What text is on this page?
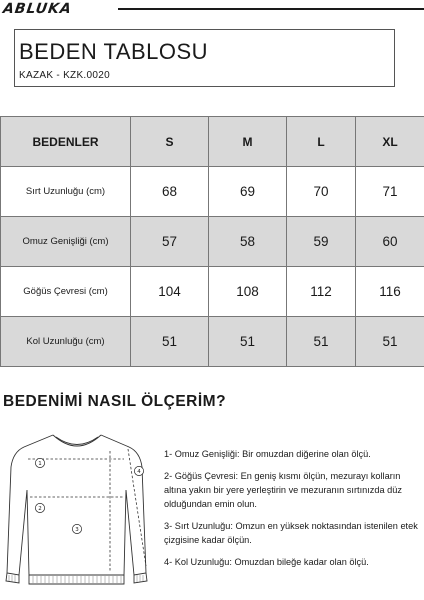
ABLUKA
BEDEN TABLOSU
KAZAK - KZK.0020
BEDENLER	S	M	L	XL
Sırt Uzunluğu (cm)	68	69	70	71
Omuz Genişliği (cm)	57	58	59	60
Göğüs Çevresi (cm)	104	108	112	116
Kol Uzunluğu (cm)	51	51	51	51
BEDENİMİ NASIL ÖLÇERİM?
1
2
3
4

1- Omuz Genişliği: Bir omuzdan diğerine olan ölçü.

2- Göğüs Çevresi: En geniş kısmı ölçün, mezurayı kolların altına yakın bir yere yerleştirin ve mezuranın sırtınızda düz olduğundan emin olun.

3- Sırt Uzunluğu: Omzun en yüksek noktasından istenilen etek çizgisine kadar ölçün.

4- Kol Uzunluğu: Omuzdan bileğe kadar olan ölçü.
